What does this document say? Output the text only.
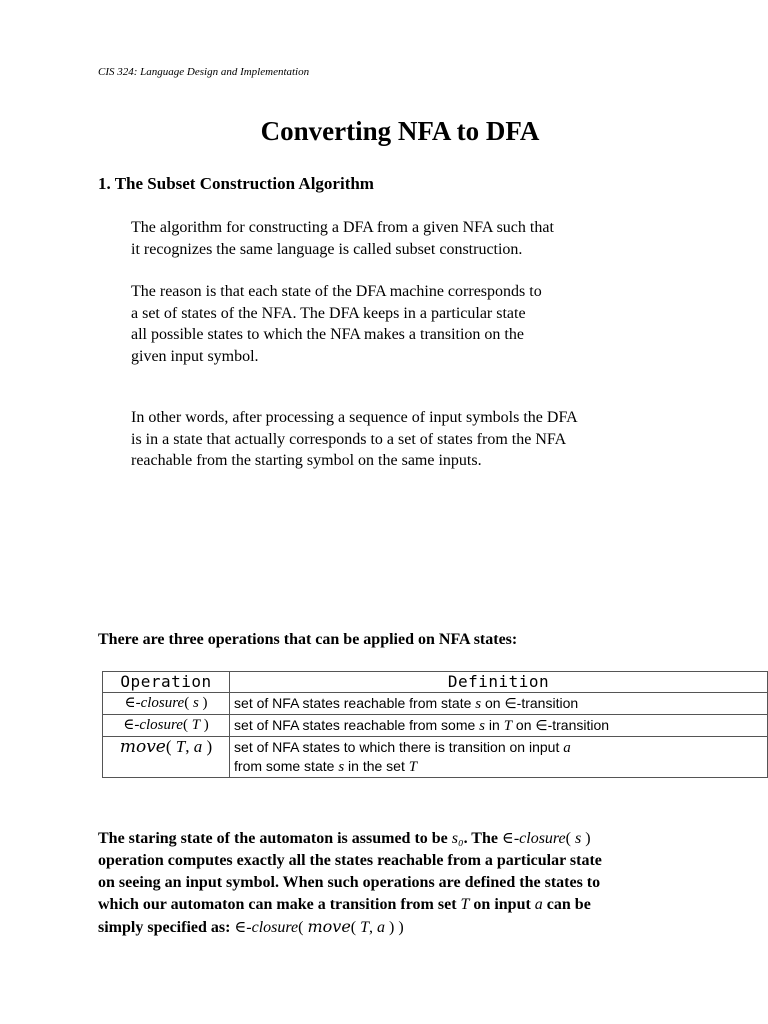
CIS 324: Language Design and Implementation
Converting NFA to DFA
1. The Subset Construction Algorithm

The algorithm for constructing a DFA from a given NFA such that
it recognizes the same language is called subset construction.

The reason is that each state of the DFA machine corresponds to
a set of states of the NFA. The DFA keeps in a particular state
all possible states to which the NFA makes a transition on the
given input symbol.

In other words, after processing a sequence of input symbols the DFA
is in a state that actually corresponds to a set of states from the NFA
reachable from the starting symbol on the same inputs.

There are three operations that can be applied on NFA states:

Operation	Definition
∈-closure( s )	set of NFA states reachable from state s on ∈-transition
∈-closure( T )	set of NFA states reachable from some s in T on ∈-transition
move( T, a )	set of NFA states to which there is transition on input a
from some state s in the set T

The staring state of the automaton is assumed to be s₀. The ∈-closure( s )
operation computes exactly all the states reachable from a particular state
on seeing an input symbol. When such operations are defined the states to
which our automaton can make a transition from set T on input a can be
simply specified as: ∈-closure( move( T, a ) )
